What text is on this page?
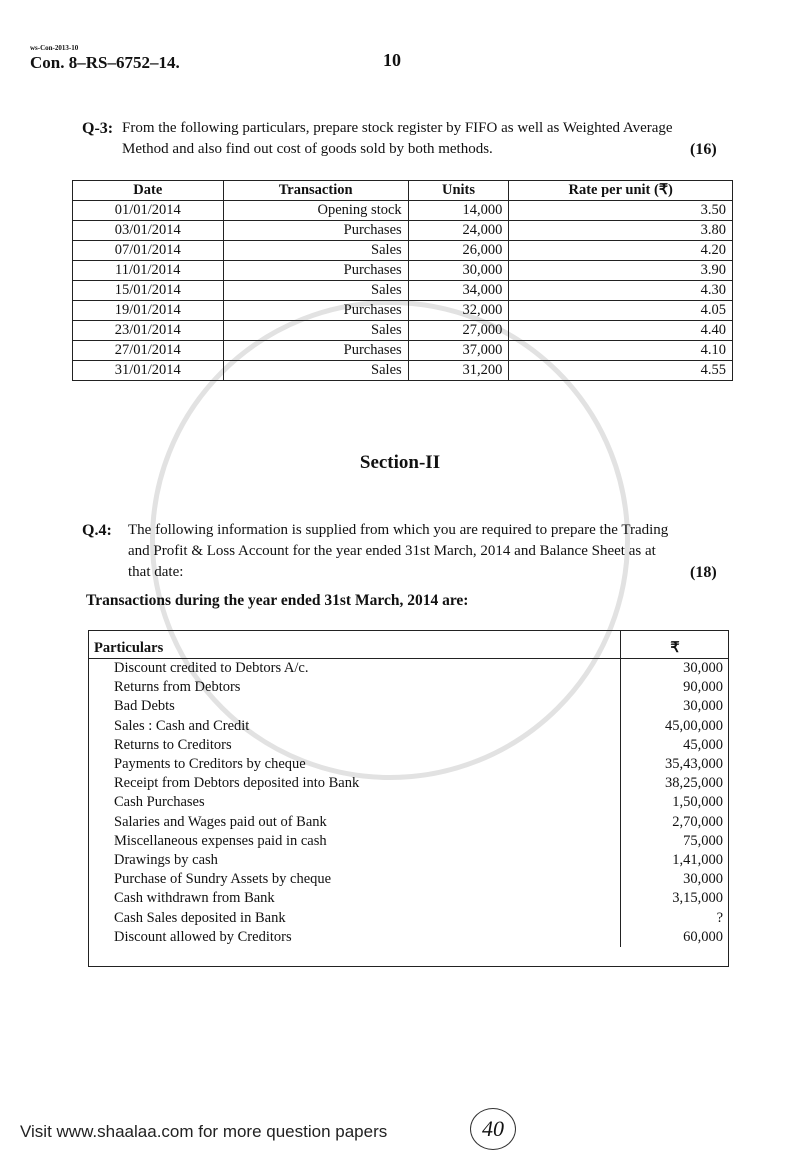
ws-Con-2013-10
Con. 8–RS–6752–14.	10
Q-3: From the following particulars, prepare stock register by FIFO as well as Weighted Average Method and also find out cost of goods sold by both methods.	(16)
Date	Transaction	Units	Rate per unit (₹)
01/01/2014	Opening stock	14,000	3.50
03/01/2014	Purchases	24,000	3.80
07/01/2014	Sales	26,000	4.20
11/01/2014	Purchases	30,000	3.90
15/01/2014	Sales	34,000	4.30
19/01/2014	Purchases	32,000	4.05
23/01/2014	Sales	27,000	4.40
27/01/2014	Purchases	37,000	4.10
31/01/2014	Sales	31,200	4.55
Section-II
Q.4: The following information is supplied from which you are required to prepare the Trading and Profit & Loss Account for the year ended 31st March, 2014 and Balance Sheet as at that date:	(18)
Transactions during the year ended 31st March, 2014 are:
Particulars	₹
Discount credited to Debtors A/c.	30,000
Returns from Debtors	90,000
Bad Debts	30,000
Sales : Cash and Credit	45,00,000
Returns to Creditors	45,000
Payments to Creditors by cheque	35,43,000
Receipt from Debtors deposited into Bank	38,25,000
Cash Purchases	1,50,000
Salaries and Wages paid out of Bank	2,70,000
Miscellaneous expenses paid in cash	75,000
Drawings by cash	1,41,000
Purchase of Sundry Assets by cheque	30,000
Cash withdrawn from Bank	3,15,000
Cash Sales deposited in Bank	?
Discount allowed by Creditors	60,000
Visit www.shaalaa.com for more question papers	40
